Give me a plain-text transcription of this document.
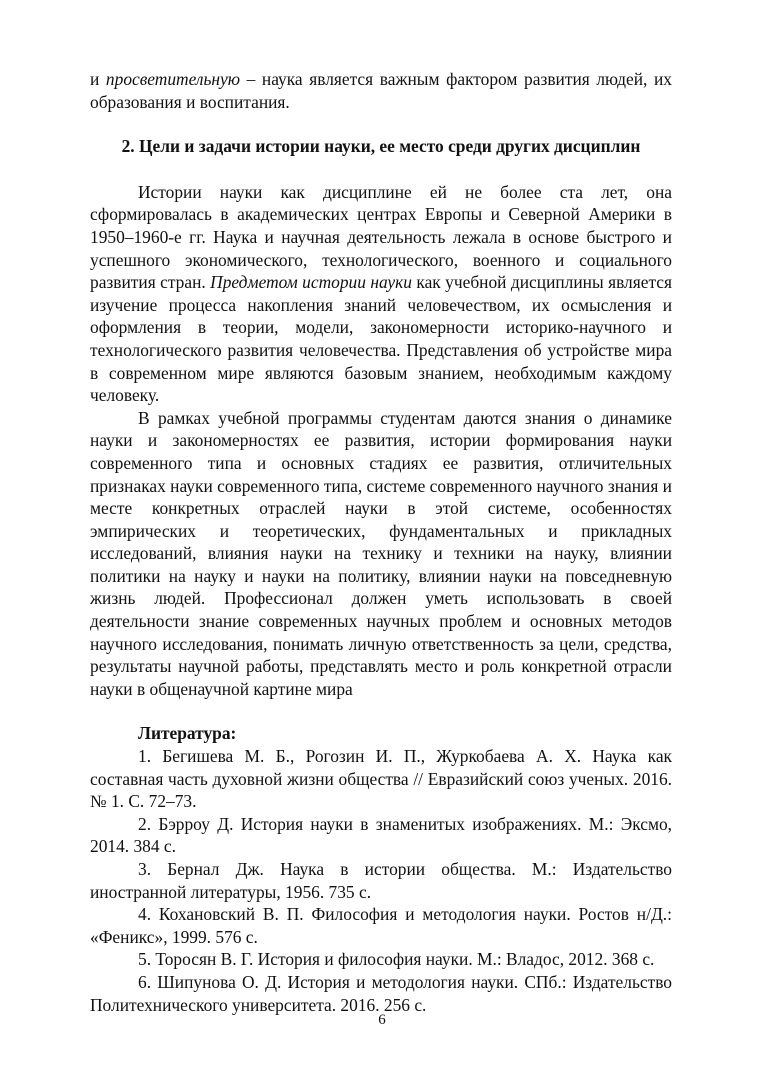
и просветительную – наука является важным фактором развития людей, их образования и воспитания.

2. Цели и задачи истории науки, ее место среди других дисциплин

Истории науки как дисциплине ей не более ста лет, она сформировалась в академических центрах Европы и Северной Америки в 1950–1960-е гг. Наука и научная деятельность лежала в основе быстрого и успешного экономического, технологического, военного и социального развития стран. Предметом истории науки как учебной дисциплины является изучение процесса накопления знаний человечеством, их осмысления и оформления в теории, модели, закономерности историко-научного и технологического развития человечества. Представления об устройстве мира в современном мире являются базовым знанием, необходимым каждому человеку.

В рамках учебной программы студентам даются знания о динамике науки и закономерностях ее развития, истории формирования науки современного типа и основных стадиях ее развития, отличительных признаках науки современного типа, системе современного научного знания и месте конкретных отраслей науки в этой системе, особенностях эмпирических и теоретических, фундаментальных и прикладных исследований, влияния науки на технику и техники на науку, влиянии политики на науку и науки на политику, влиянии науки на повседневную жизнь людей. Профессионал должен уметь использовать в своей деятельности знание современных научных проблем и основных методов научного исследования, понимать личную ответственность за цели, средства, результаты научной работы, представлять место и роль конкретной отрасли науки в общенаучной картине мира

Литература:

1. Бегишева М. Б., Рогозин И. П., Журкобаева А. Х. Наука как составная часть духовной жизни общества // Евразийский союз ученых. 2016. № 1. С. 72–73.

2. Бэрроу Д. История науки в знаменитых изображениях. М.: Эксмо, 2014. 384 с.

3. Бернал Дж. Наука в истории общества. М.: Издательство иностранной литературы, 1956. 735 с.

4. Кохановский В. П. Философия и методология науки. Ростов н/Д.: «Феникс», 1999. 576 с.

5. Торосян В. Г. История и философия науки. М.: Владос, 2012. 368 с.

6. Шипунова О. Д. История и методология науки. СПб.: Издательство Политехнического университета. 2016. 256 с.

6
